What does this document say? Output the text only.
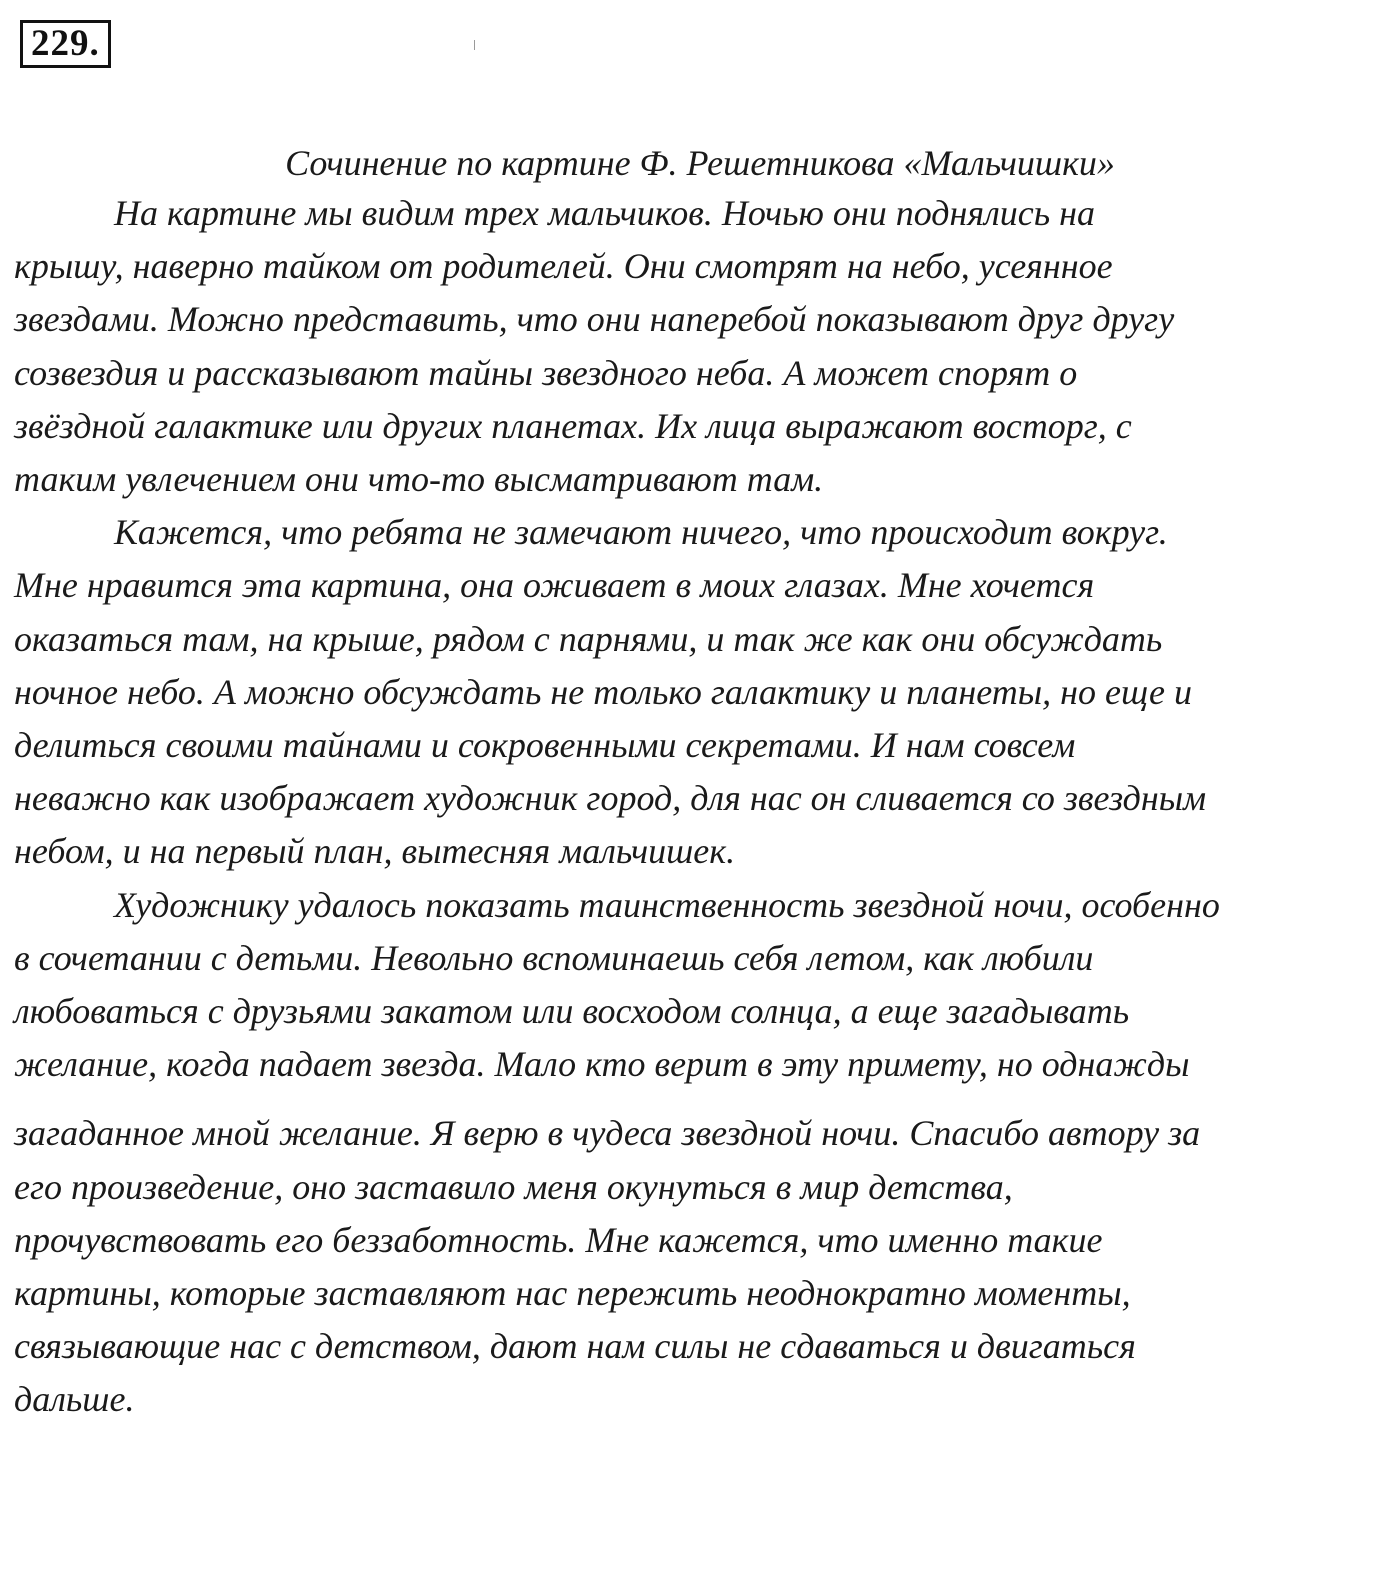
229.
Сочинение по картине Ф. Решетникова «Мальчишки»
На картине мы видим трех мальчиков. Ночью они поднялись на
крышу, наверно тайком от родителей. Они смотрят на небо, усеянное
звездами. Можно представить, что они наперебой показывают друг другу
созвездия и рассказывают тайны звездного неба. А может спорят о
звёздной галактике или других планетах. Их лица выражают восторг, с
таким увлечением они что-то высматривают там.
Кажется, что ребята не замечают ничего, что происходит вокруг.
Мне нравится эта картина, она оживает в моих глазах. Мне хочется
оказаться там, на крыше, рядом с парнями, и так же как они обсуждать
ночное небо. А можно обсуждать не только галактику и планеты, но еще и
делиться своими тайнами и сокровенными секретами. И нам совсем
неважно как изображает художник город, для нас он сливается со звездным
небом, и на первый план, вытесняя мальчишек.
Художнику удалось показать таинственность звездной ночи, особенно
в сочетании с детьми. Невольно вспоминаешь себя летом, как любили
любоваться с друзьями закатом или восходом солнца, а еще загадывать
желание, когда падает звезда. Мало кто верит в эту примету, но однажды
загаданное мной желание. Я верю в чудеса звездной ночи. Спасибо автору за
его произведение, оно заставило меня окунуться в мир детства,
прочувствовать его беззаботность. Мне кажется, что именно такие
картины, которые заставляют нас пережить неоднократно моменты,
связывающие нас с детством, дают нам силы не сдаваться и двигаться
дальше.
